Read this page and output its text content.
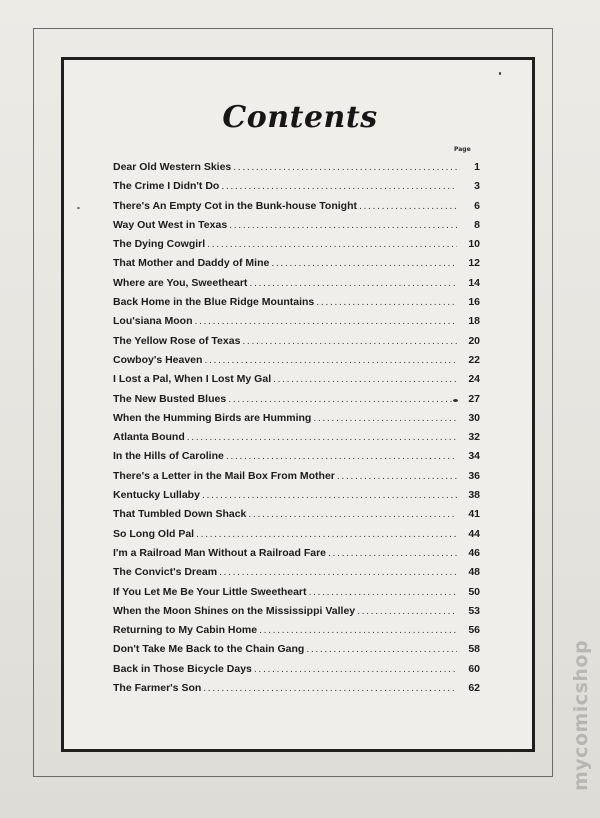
Contents
Page
Dear Old Western Skies .....	1
The Crime I Didn't Do .....	3
There's An Empty Cot in the Bunk-house Tonight .....	6
Way Out West in Texas .....	8
The Dying Cowgirl .....	10
That Mother and Daddy of Mine .....	12
Where are You, Sweetheart .....	14
Back Home in the Blue Ridge Mountains .....	16
Lou'siana Moon .....	18
The Yellow Rose of Texas .....	20
Cowboy's Heaven .....	22
I Lost a Pal, When I Lost My Gal .....	24
The New Busted Blues .....	27
When the Humming Birds are Humming .....	30
Atlanta Bound .....	32
In the Hills of Caroline .....	34
There's a Letter in the Mail Box From Mother .....	36
Kentucky Lullaby .....	38
That Tumbled Down Shack .....	41
So Long Old Pal .....	44
I'm a Railroad Man Without a Railroad Fare .....	46
The Convict's Dream .....	48
If You Let Me Be Your Little Sweetheart .....	50
When the Moon Shines on the Mississippi Valley .....	53
Returning to My Cabin Home .....	56
Don't Take Me Back to the Chain Gang .....	58
Back in Those Bicycle Days .....	60
The Farmer's Son .....	62	mycomicshop
